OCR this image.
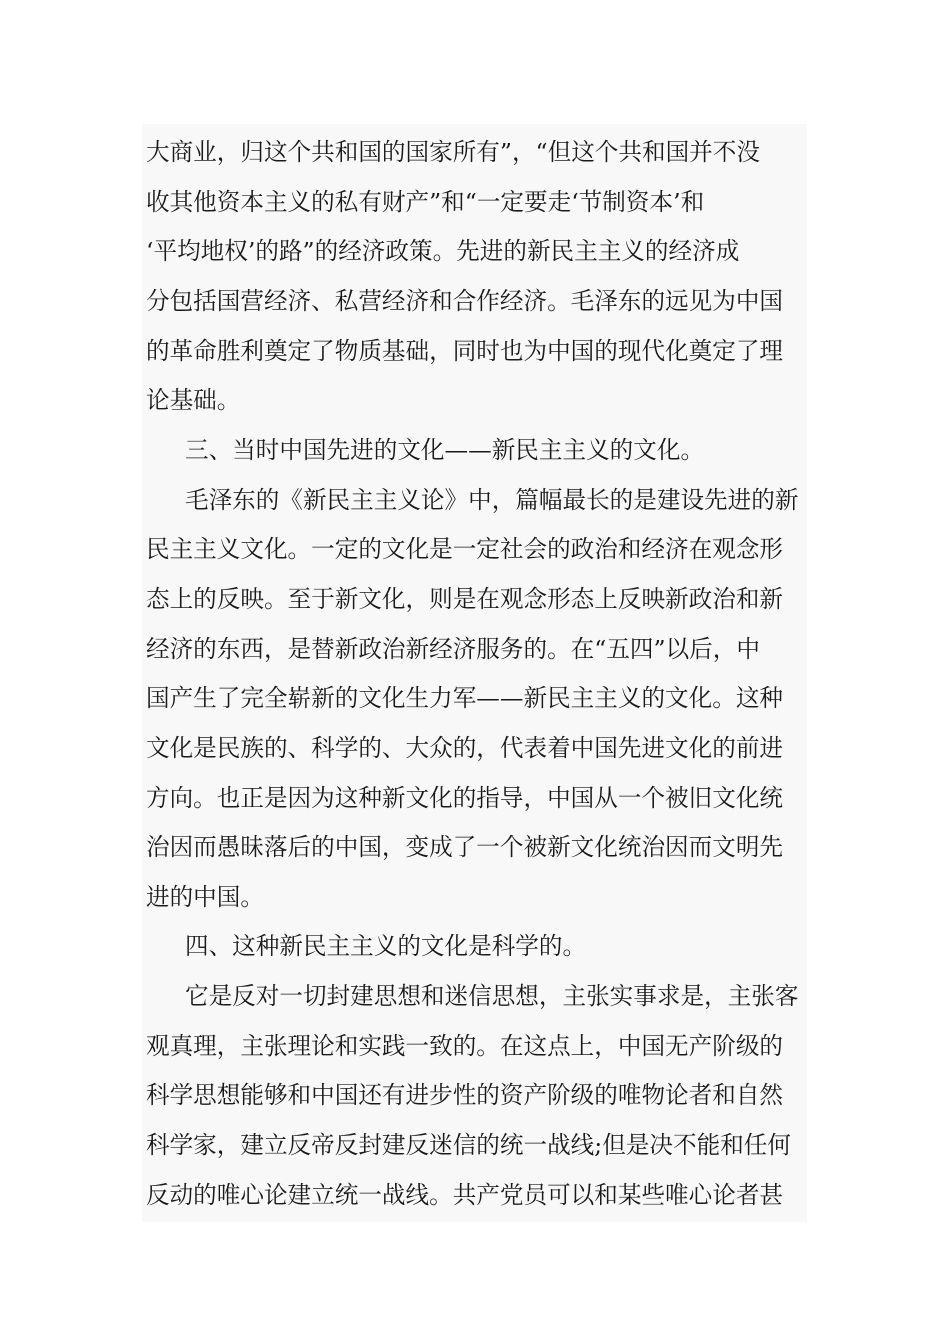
大商业，归这个共和国的国家所有”，“但这个共和国并不没
收其他资本主义的私有财产”和“一定要走‘节制资本’和
‘平均地权’的路”的经济政策。先进的新民主主义的经济成
分包括国营经济、私营经济和合作经济。毛泽东的远见为中国
的革命胜利奠定了物质基础，同时也为中国的现代化奠定了理
论基础。
三、当时中国先进的文化——新民主主义的文化。
毛泽东的《新民主主义论》中，篇幅最长的是建设先进的新
民主主义文化。一定的文化是一定社会的政治和经济在观念形
态上的反映。至于新文化，则是在观念形态上反映新政治和新
经济的东西，是替新政治新经济服务的。在“五四”以后，中
国产生了完全崭新的文化生力军——新民主主义的文化。这种
文化是民族的、科学的、大众的，代表着中国先进文化的前进
方向。也正是因为这种新文化的指导，中国从一个被旧文化统
治因而愚昧落后的中国，变成了一个被新文化统治因而文明先
进的中国。
四、这种新民主主义的文化是科学的。
它是反对一切封建思想和迷信思想，主张实事求是，主张客
观真理，主张理论和实践一致的。在这点上，中国无产阶级的
科学思想能够和中国还有进步性的资产阶级的唯物论者和自然
科学家，建立反帝反封建反迷信的统一战线;但是决不能和任何
反动的唯心论建立统一战线。共产党员可以和某些唯心论者甚
